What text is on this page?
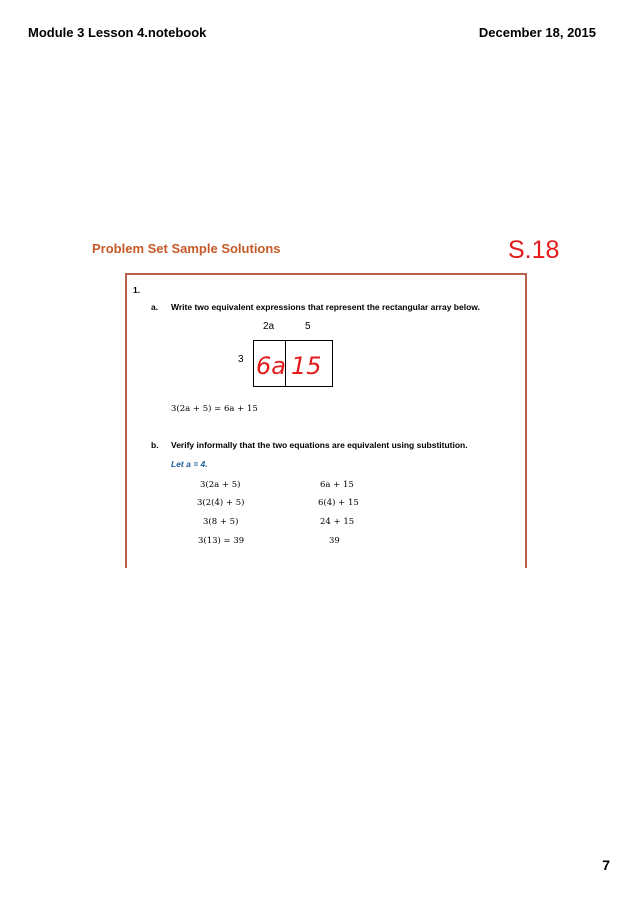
Module 3 Lesson 4.notebook	December 18, 2015
Problem Set Sample Solutions	S.18
1.
a. Write two equivalent expressions that represent the rectangular array below.
2a	5
3 6a 15
3(2a + 5) = 6a + 15
b. Verify informally that the two equations are equivalent using substitution.
Let a = 4.
3(2a + 5)	6a + 15
3(2(4) + 5)	6(4) + 15
3(8 + 5)	24 + 15
3(13) = 39	39
7
